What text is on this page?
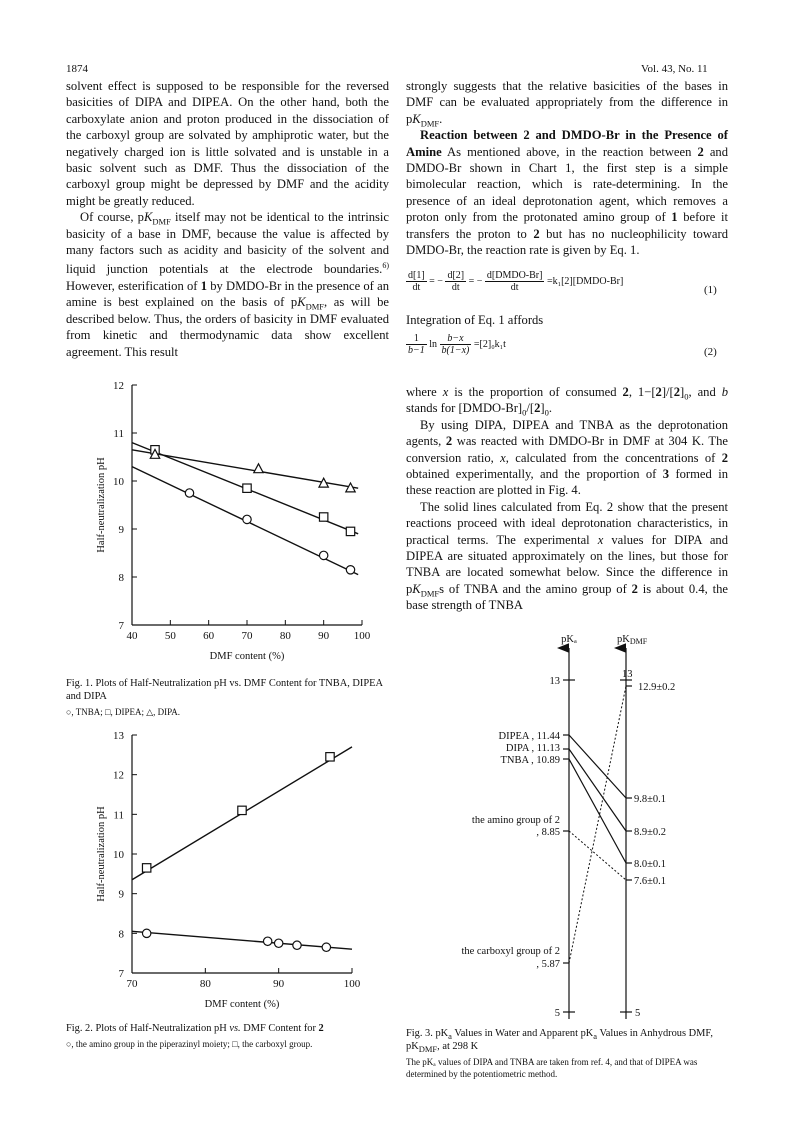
1874	Vol. 43, No. 11

solvent effect is supposed to be responsible for the reversed basicities of DIPA and DIPEA. On the other hand, both the carboxylate anion and proton produced in the dissociation of the carboxyl group are solvated by amphiprotic water, but the negatively charged ion is little solvated and is unstable in a basic solvent such as DMF. Thus the dissociation of the carboxyl group might be depressed by DMF and the acidity might be greatly reduced.

Of course, $pK_{DMF}$ itself may not be identical to the intrinsic basicity of a base in DMF, because the value is affected by many factors such as acidity and basicity of the solvent and liquid junction potentials at the electrode boundaries.$^{6)}$ However, esterification of 1 by DMDO-Br in the presence of an amine is best explained on the basis of $pK_{DMF}$, as will be described below. Thus, the orders of basicity in DMF evaluated from kinetic and thermodynamic data show excellent agreement. This result

strongly suggests that the relative basicities of the bases in DMF can be evaluated appropriately from the difference in $pK_{DMF}$.

Reaction between 2 and DMDO-Br in the Presence of Amine As mentioned above, in the reaction between 2 and DMDO-Br shown in Chart 1, the first step is a simple bimolecular reaction, which is rate-determining. In the presence of an ideal deprotonation agent, which removes a proton only from the protonated amino group of 1 before it transfers the proton to 2 but has no nucleophilicity toward DMDO-Br, the reaction rate is given by Eq. 1.

$\frac{d[1]}{dt}$ = − $\frac{d[2]}{dt}$ = − $\frac{\text{d[DMDO-Br]}}{dt}$ =k₁[2][DMDO-Br]
(1)

Integration of Eq. 1 affords

$\frac{1}{b-1}$ $\ln \frac{b-x}{b(1-x)} =[2]_0k_1t$
(2)

where x is the proportion of consumed 2, $1-[2]/[2]_0$, and b stands for $[DMDO-Br]_0/[2]_0$.

By using DIPA, DIPEA and TNBA as the deprotonation agents, 2 was reacted with DMDO-Br in DMF at 304 K. The conversion ratio, x, calculated from the concentrations of 2 obtained experimentally, and the proportion of 3 formed in these reaction are plotted in Fig. 4.

The solid lines calculated from Eq. 2 show that the present reactions proceed with ideal deprotonation characteristics, in practical terms. The experimental x values for DIPA and DIPEA are situated approximately on the lines, but those for TNBA are located somewhat below. Since the difference in $pK_{DMF}s$ of TNBA and the amino group of 2 is about 0.4, the base strength of TNBA

7
8
9
10
11
12
40 50 60 70 80 90 100
DMF content (%)
Half-neutralization pH
Fig. 1. Plots of Half-Neutralization pH vs. DMF Content for TNBA, DIPEA and DIPA
○, TNBA; □, DIPEA; △, DIPA.
7
8
9
10
11
12
13
70	80	90	100
DMF content (%)
Half-neutralization pH
Fig. 2. Plots of Half-Neutralization pH vs. DMF Content for 2
○, the amino group in the piperazinyl moiety; □, the carboxyl group.
pKₐ	pKDMF
13
5
13
5
DIPEA , 11.44
DIPA , 11.13
TNBA , 10.89
the amino group of 2
, 8.85
the carboxyl group of 2
, 5.87
12.9±0.2
9.8±0.1
8.9±0.2
8.0±0.1
7.6±0.1
Fig. 3. $pK_a$ Values in Water and Apparent $pK_a$ Values in Anhydrous DMF, $pK_{DMF}$, at 298 K
The pKₐ values of DIPA and TNBA are taken from ref. 4, and that of DIPEA was determined by the potentiometric method.
